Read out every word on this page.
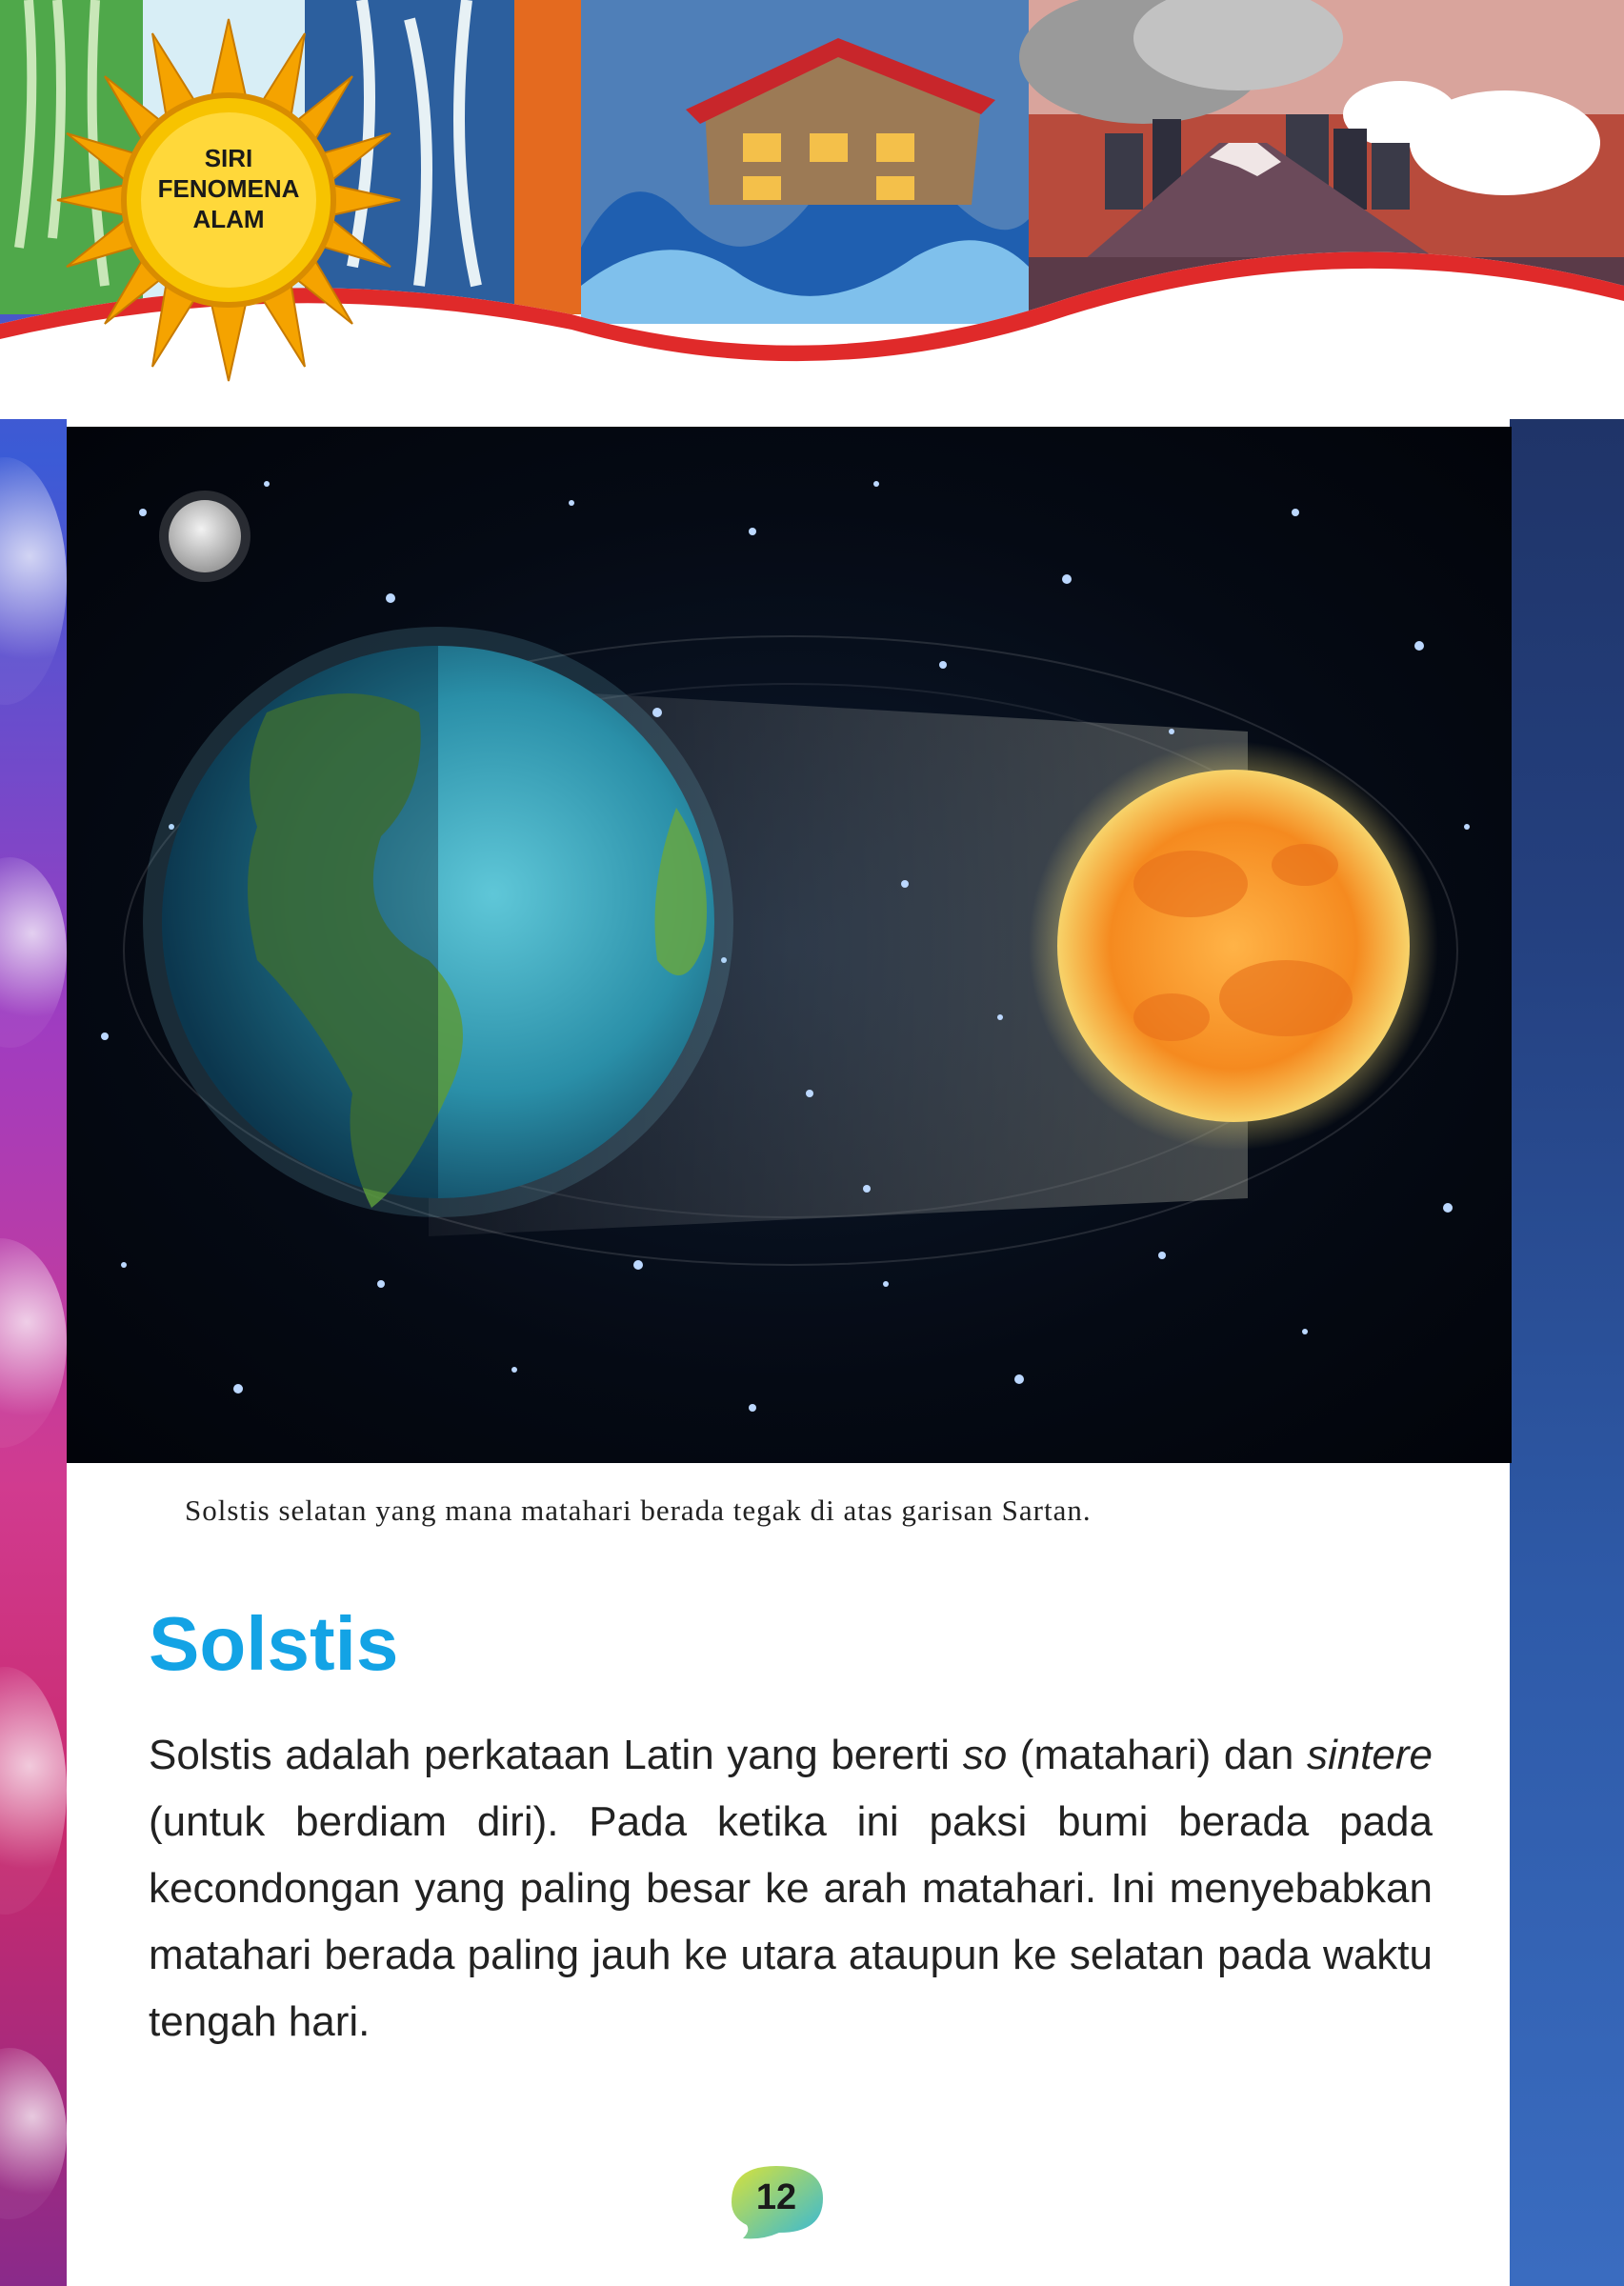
SIRI
FENOMENA
ALAM
Solstis selatan yang mana matahari berada tegak di atas garisan Sartan.
Solstis

Solstis adalah perkataan Latin yang bererti so (matahari) dan sintere (untuk berdiam diri). Pada ketika ini paksi bumi berada pada kecondongan yang paling besar ke arah matahari. Ini menyebabkan matahari berada paling jauh ke utara ataupun ke selatan pada waktu tengah hari.

12
